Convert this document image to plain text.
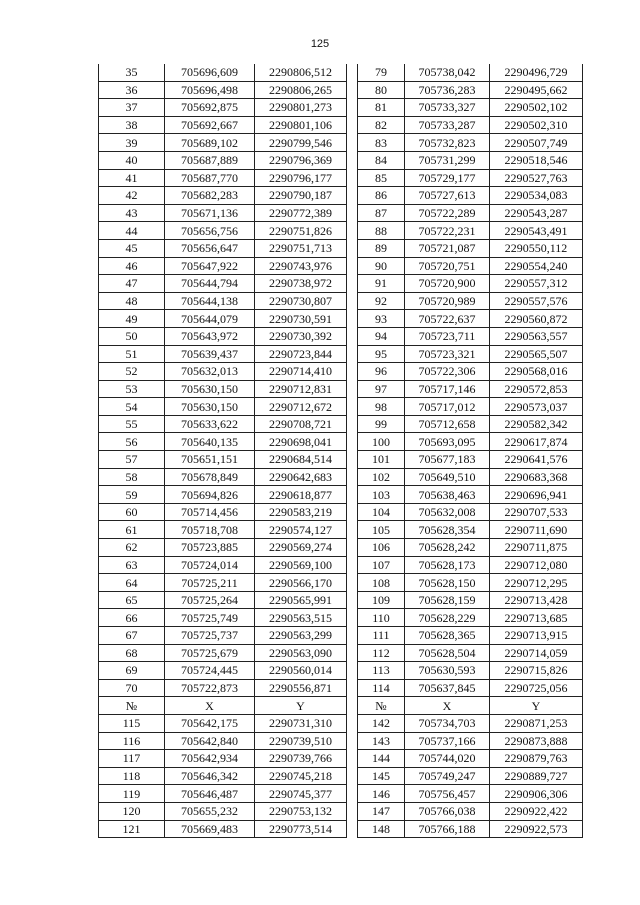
125
35	705696,609	2290806,512
36	705696,498	2290806,265
37	705692,875	2290801,273
38	705692,667	2290801,106
39	705689,102	2290799,546
40	705687,889	2290796,369
41	705687,770	2290796,177
42	705682,283	2290790,187
43	705671,136	2290772,389
44	705656,756	2290751,826
45	705656,647	2290751,713
46	705647,922	2290743,976
47	705644,794	2290738,972
48	705644,138	2290730,807
49	705644,079	2290730,591
50	705643,972	2290730,392
51	705639,437	2290723,844
52	705632,013	2290714,410
53	705630,150	2290712,831
54	705630,150	2290712,672
55	705633,622	2290708,721
56	705640,135	2290698,041
57	705651,151	2290684,514
58	705678,849	2290642,683
59	705694,826	2290618,877
60	705714,456	2290583,219
61	705718,708	2290574,127
62	705723,885	2290569,274
63	705724,014	2290569,100
64	705725,211	2290566,170
65	705725,264	2290565,991
66	705725,749	2290563,515
67	705725,737	2290563,299
68	705725,679	2290563,090
69	705724,445	2290560,014
70	705722,873	2290556,871
№	X	Y
115	705642,175	2290731,310
116	705642,840	2290739,510
117	705642,934	2290739,766
118	705646,342	2290745,218
119	705646,487	2290745,377
120	705655,232	2290753,132
121	705669,483	2290773,514
79	705738,042	2290496,729
80	705736,283	2290495,662
81	705733,327	2290502,102
82	705733,287	2290502,310
83	705732,823	2290507,749
84	705731,299	2290518,546
85	705729,177	2290527,763
86	705727,613	2290534,083
87	705722,289	2290543,287
88	705722,231	2290543,491
89	705721,087	2290550,112
90	705720,751	2290554,240
91	705720,900	2290557,312
92	705720,989	2290557,576
93	705722,637	2290560,872
94	705723,711	2290563,557
95	705723,321	2290565,507
96	705722,306	2290568,016
97	705717,146	2290572,853
98	705717,012	2290573,037
99	705712,658	2290582,342
100	705693,095	2290617,874
101	705677,183	2290641,576
102	705649,510	2290683,368
103	705638,463	2290696,941
104	705632,008	2290707,533
105	705628,354	2290711,690
106	705628,242	2290711,875
107	705628,173	2290712,080
108	705628,150	2290712,295
109	705628,159	2290713,428
110	705628,229	2290713,685
111	705628,365	2290713,915
112	705628,504	2290714,059
113	705630,593	2290715,826
114	705637,845	2290725,056
№	X	Y
142	705734,703	2290871,253
143	705737,166	2290873,888
144	705744,020	2290879,763
145	705749,247	2290889,727
146	705756,457	2290906,306
147	705766,038	2290922,422
148	705766,188	2290922,573
